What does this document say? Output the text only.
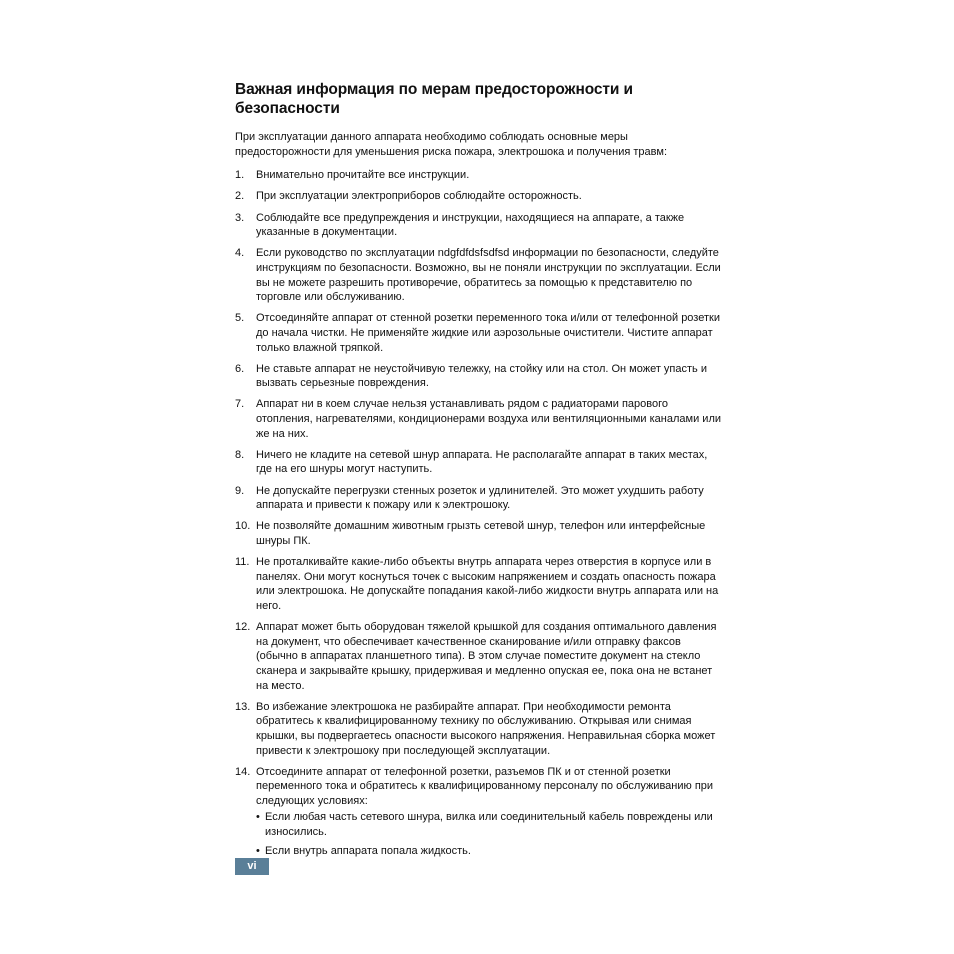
Важная информация по мерам предосторожности и безопасности

При эксплуатации данного аппарата необходимо соблюдать основные меры предосторожности для уменьшения риска пожара, электрошока и получения травм:

1. Внимательно прочитайте все инструкции.
2. При эксплуатации электроприборов соблюдайте осторожность.
3. Соблюдайте все предупреждения и инструкции, находящиеся на аппарате, а также указанные в документации.
4. Если руководство по эксплуатации ndgfdfdsfsdfsd информации по безопасности, следуйте инструкциям по безопасности. Возможно, вы не поняли инструкции по эксплуатации. Если вы не можете разрешить противоречие, обратитесь за помощью к представителю по торговле или обслуживанию.
5. Отсоединяйте аппарат от стенной розетки переменного тока и/или от телефонной розетки до начала чистки. Не применяйте жидкие или аэрозольные очистители. Чистите аппарат только влажной тряпкой.
6. Не ставьте аппарат не неустойчивую тележку, на стойку или на стол. Он может упасть и вызвать серьезные повреждения.
7. Аппарат ни в коем случае нельзя устанавливать рядом с радиаторами парового отопления, нагревателями, кондиционерами воздуха или вентиляционными каналами или же на них.
8. Ничего не кладите на сетевой шнур аппарата. Не располагайте аппарат в таких местах, где на его шнуры могут наступить.
9. Не допускайте перегрузки стенных розеток и удлинителей. Это может ухудшить работу аппарата и привести к пожару или к электрошоку.
10. Не позволяйте домашним животным грызть сетевой шнур, телефон или интерфейсные шнуры ПК.
11. Не проталкивайте какие-либо объекты внутрь аппарата через отверстия в корпусе или в панелях. Они могут коснуться точек с высоким напряжением и создать опасность пожара или электрошока. Не допускайте попадания какой-либо жидкости внутрь аппарата или на него.
12. Аппарат может быть оборудован тяжелой крышкой для создания оптимального давления на документ, что обеспечивает качественное сканирование и/или отправку факсов (обычно в аппаратах планшетного типа). В этом случае поместите документ на стекло сканера и закрывайте крышку, придерживая и медленно опуская ее, пока она не встанет на место.
13. Во избежание электрошока не разбирайте аппарат. При необходимости ремонта обратитесь к квалифицированному технику по обслуживанию. Открывая или снимая крышки, вы подвергаетесь опасности высокого напряжения. Неправильная сборка может привести к электрошоку при последующей эксплуатации.
14. Отсоедините аппарат от телефонной розетки, разъемов ПК и от стенной розетки переменного тока и обратитесь к квалифицированному персоналу по обслуживанию при следующих условиях:
• Если любая часть сетевого шнура, вилка или соединительный кабель повреждены или износились.
• Если внутрь аппарата попала жидкость.
vi
